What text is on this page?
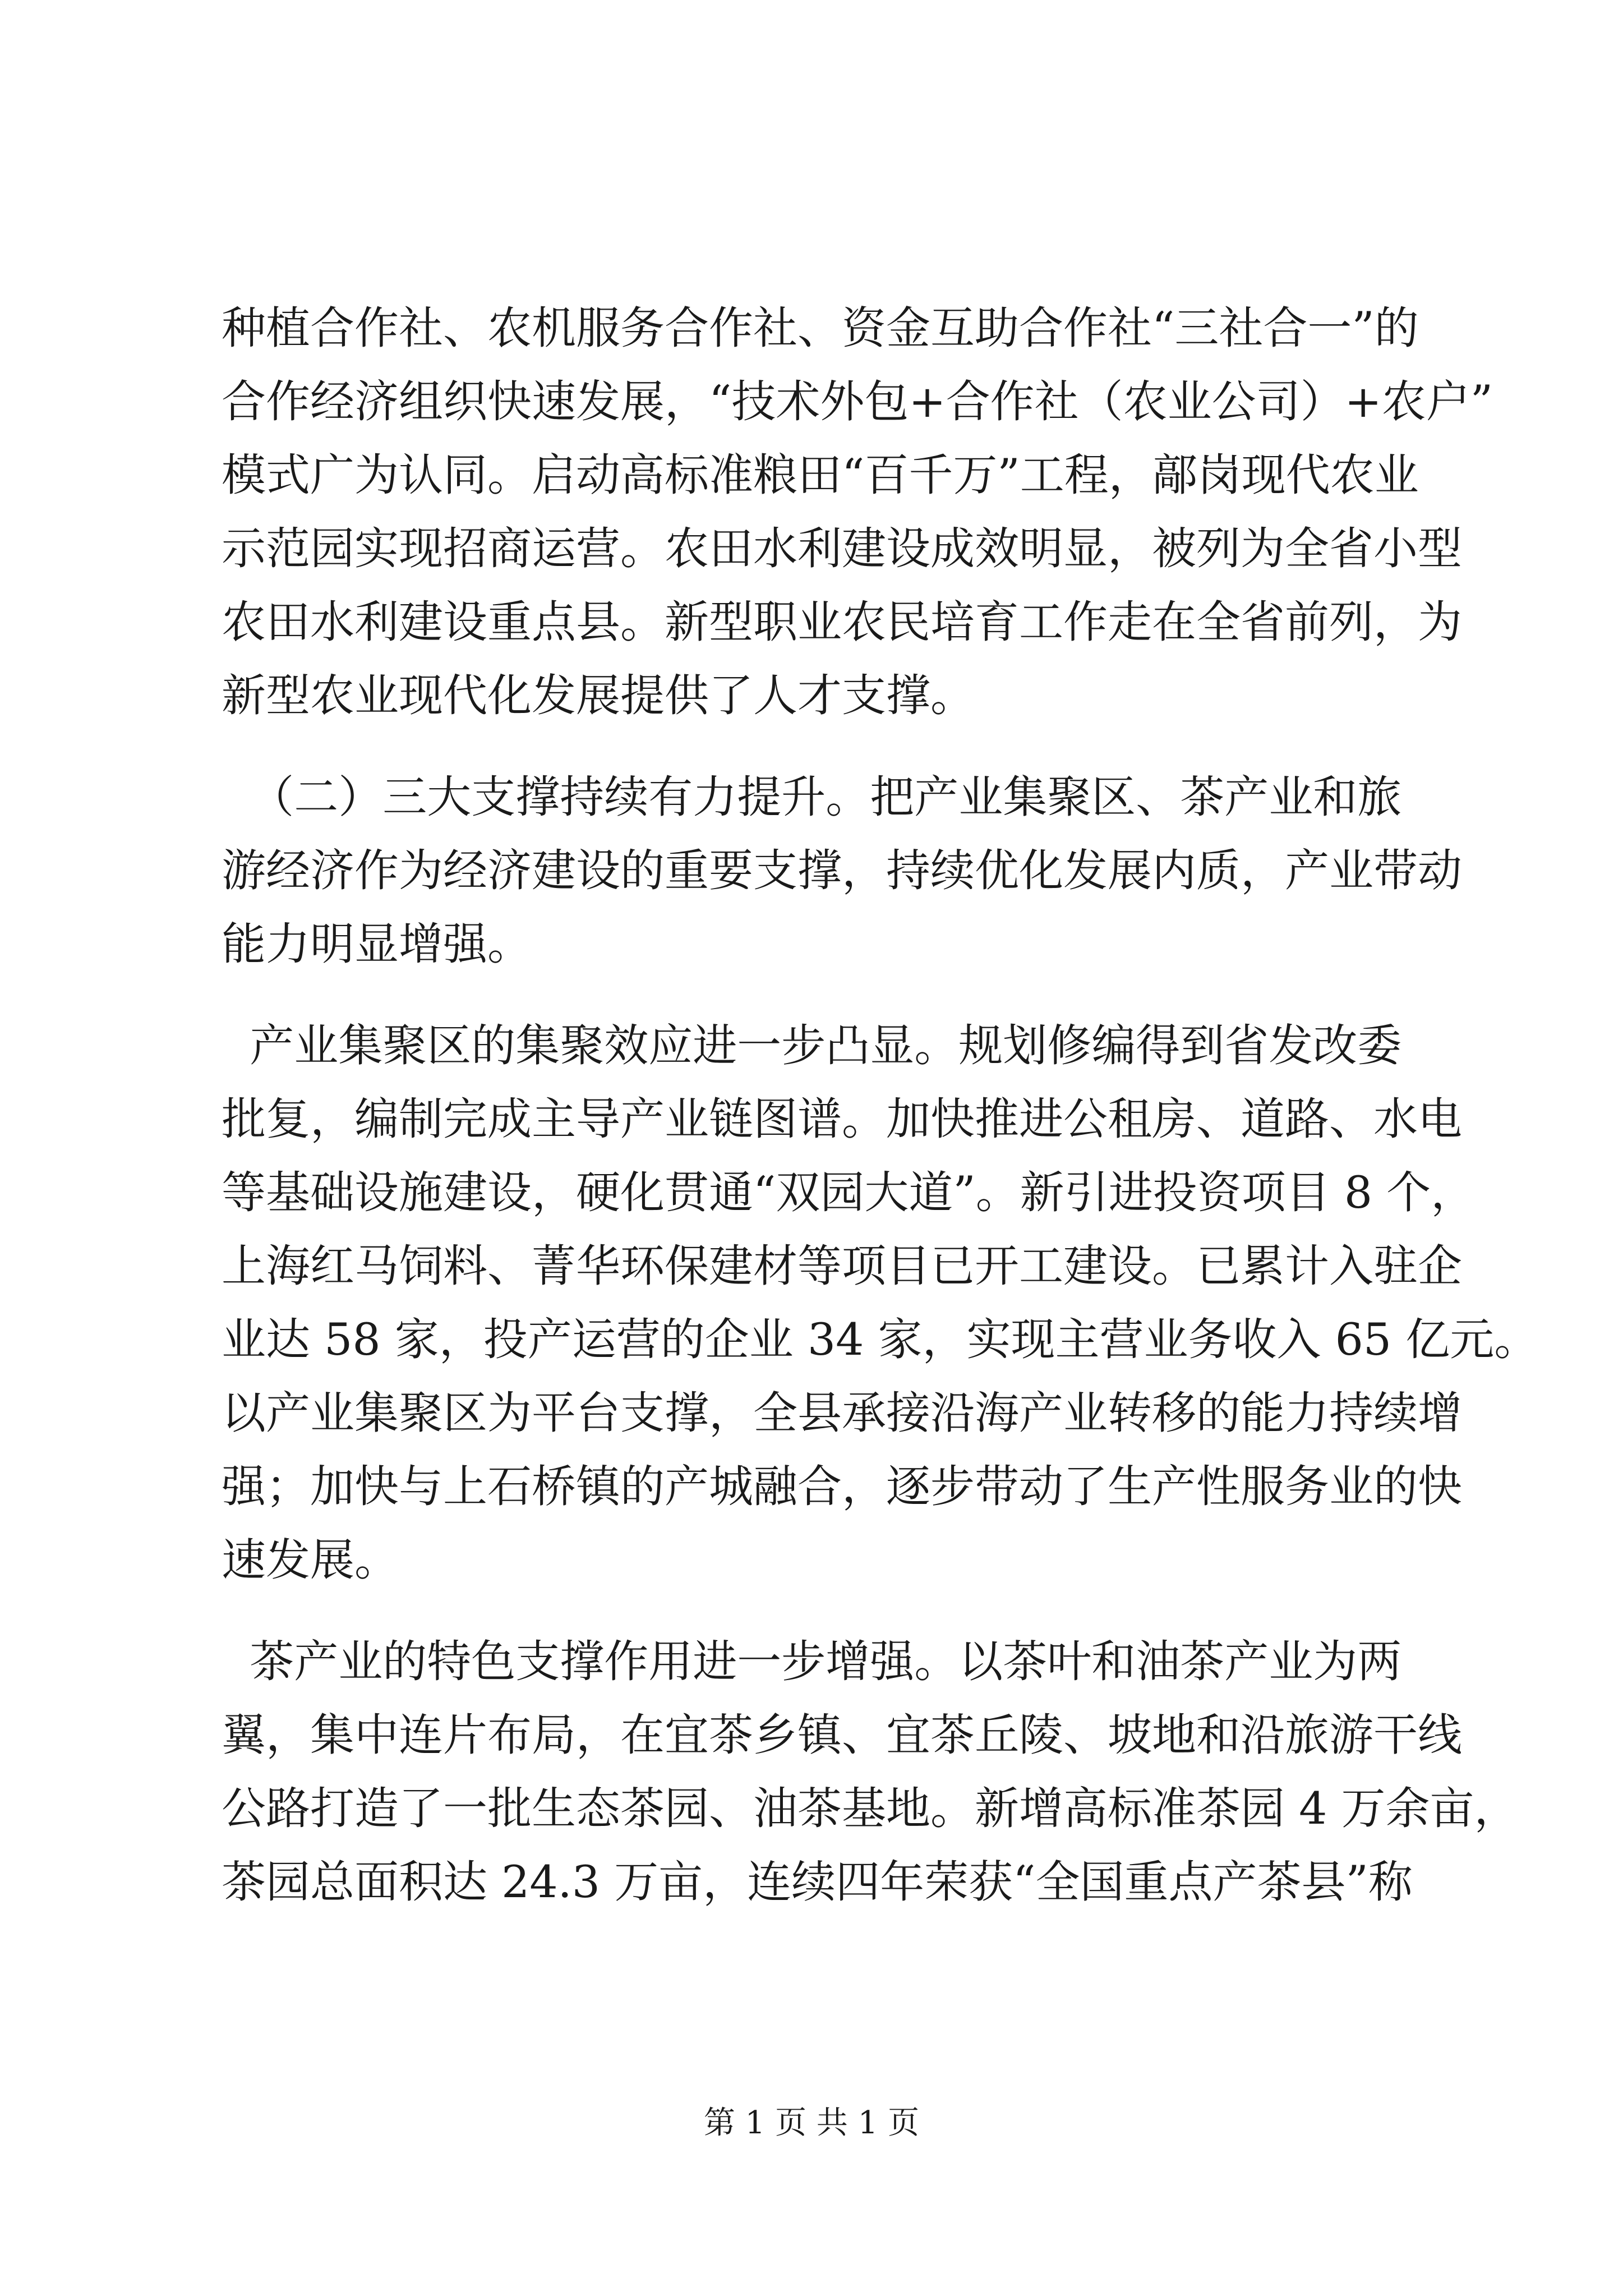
种植合作社、农机服务合作社、资金互助合作社“三社合一”的
合作经济组织快速发展，“技术外包+合作社（农业公司）+农户”
模式广为认同。启动高标准粮田“百千万”工程，鄗岗现代农业
示范园实现招商运营。农田水利建设成效明显，被列为全省小型
农田水利建设重点县。新型职业农民培育工作走在全省前列，为
新型农业现代化发展提供了人才支撑。
（二）三大支撑持续有力提升。把产业集聚区、茶产业和旅
游经济作为经济建设的重要支撑，持续优化发展内质，产业带动
能力明显增强。
产业集聚区的集聚效应进一步凸显。规划修编得到省发改委
批复，编制完成主导产业链图谱。加快推进公租房、道路、水电
等基础设施建设，硬化贯通“双园大道”。新引进投资项目 8 个，
上海红马饲料、菁华环保建材等项目已开工建设。已累计入驻企
业达 58 家，投产运营的企业 34 家，实现主营业务收入 65 亿元。
以产业集聚区为平台支撑，全县承接沿海产业转移的能力持续增
强；加快与上石桥镇的产城融合，逐步带动了生产性服务业的快
速发展。
茶产业的特色支撑作用进一步增强。以茶叶和油茶产业为两
翼，集中连片布局，在宜茶乡镇、宜茶丘陵、坡地和沿旅游干线
公路打造了一批生态茶园、油茶基地。新增高标准茶园 4 万余亩，
茶园总面积达 24.3 万亩，连续四年荣获“全国重点产茶县”称
第 1 页 共 1 页
